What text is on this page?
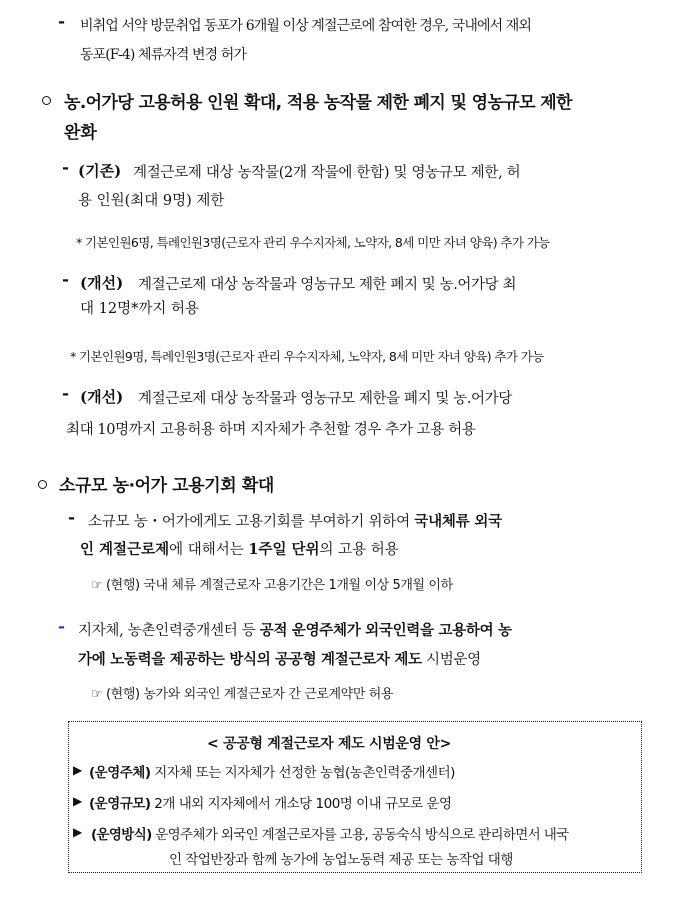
- 비취업 서약 방문취업 동포가 6개월 이상 계절근로에 참여한 경우, 국내에서 재외
동포(F-4) 체류자격 변경 허가
농.어가당 고용허용 인원 확대, 적용 농작물 제한 폐지 및 영농규모 제한
완화
- (기존) 계절근로제 대상 농작물(2개 작물에 한함) 및 영농규모 제한, 허
용 인원(최대 9명) 제한
* 기본인원6명, 특례인원3명(근로자 관리 우수지자체, 노약자, 8세 미만 자녀 양육) 추가 가능
- (개선) 계절근로제 대상 농작물과 영농규모 제한 폐지 및 농.어가당 최
대 12명*까지 허용
* 기본인원9명, 특례인원3명(근로자 관리 우수지자체, 노약자, 8세 미만 자녀 양육) 추가 가능
- (개선) 계절근로제 대상 농작물과 영농규모 제한을 폐지 및 농.어가당
최대 10명까지 고용허용 하며 지자체가 추천할 경우 추가 고용 허용
소규모 농·어가 고용기회 확대
- 소규모 농・어가에게도 고용기회를 부여하기 위하여 국내체류 외국
인 계절근로제에 대해서는 1주일 단위의 고용 허용
☞ (현행) 국내 체류 계절근로자 고용기간은 1개월 이상 5개월 이하
- 지자체, 농촌인력중개센터 등 공적 운영주체가 외국인력을 고용하여 농
가에 노동력을 제공하는 방식의 공공형 계절근로자 제도 시범운영
☞ (현행) 농가와 외국인 계절근로자 간 근로계약만 허용
< 공공형 계절근로자 제도 시범운영 안>
▶ (운영주체) 지자체 또는 지자체가 선정한 농협(농촌인력중개센터)
▶ (운영규모) 2개 내외 지자체에서 개소당 100명 이내 규모로 운영
▶ (운영방식) 운영주체가 외국인 계절근로자를 고용, 공동숙식 방식으로 관리하면서 내국
인 작업반장과 함께 농가에 농업노동력 제공 또는 농작업 대행
